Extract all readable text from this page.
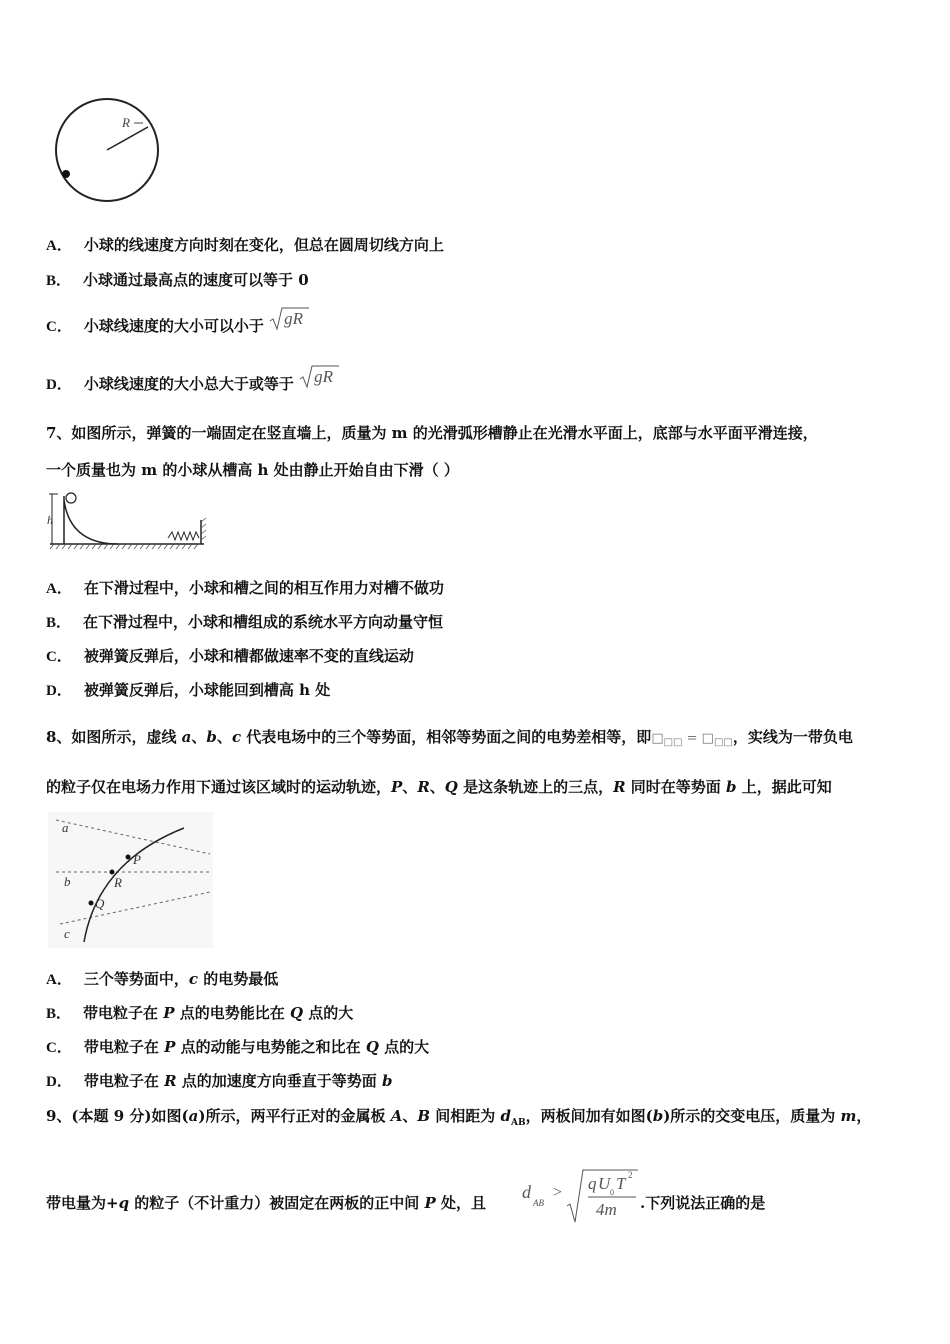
R
A． 小球的线速度方向时刻在变化，但总在圆周切线方向上
B． 小球通过最高点的速度可以等于 0
C． 小球线速度的大小可以小于 gR
D． 小球线速度的大小总大于或等于 gR
7、如图所示，弹簧的一端固定在竖直墙上，质量为 m 的光滑弧形槽静止在光滑水平面上，底部与水平面平滑连接，
一个质量也为 m 的小球从槽高 h 处由静止开始自由下滑（ ）
h
A． 在下滑过程中，小球和槽之间的相互作用力对槽不做功
B． 在下滑过程中，小球和槽组成的系统水平方向动量守恒
C． 被弹簧反弹后，小球和槽都做速率不变的直线运动
D． 被弹簧反弹后，小球能回到槽高 h 处
8、如图所示，虚线 a、b、c 代表电场中的三个等势面，相邻等势面之间的电势差相等，即$□_{□□}$ = $□_{□□}$，实线为一带负电
的粒子仅在电场力作用下通过该区域时的运动轨迹，P、R、Q 是这条轨迹上的三点，R 同时在等势面 b 上，据此可知
a
b
c
P
R
Q
A． 三个等势面中，c 的电势最低
B． 带电粒子在 P 点的电势能比在 Q 点的大
C． 带电粒子在 P 点的动能与电势能之和比在 Q 点的大
D． 带电粒子在 R 点的加速度方向垂直于等势面 b
9、(本题 9 分)如图(a)所示，两平行正对的金属板 A、B 间相距为 $d_{AB}$，两板间加有如图(b)所示的交变电压，质量为 m，
带电量为+q 的粒子（不计重力）被固定在两板的正中间 P 处，且
d
AB
> q U 0 T 2
4m .下列说法正确的是
